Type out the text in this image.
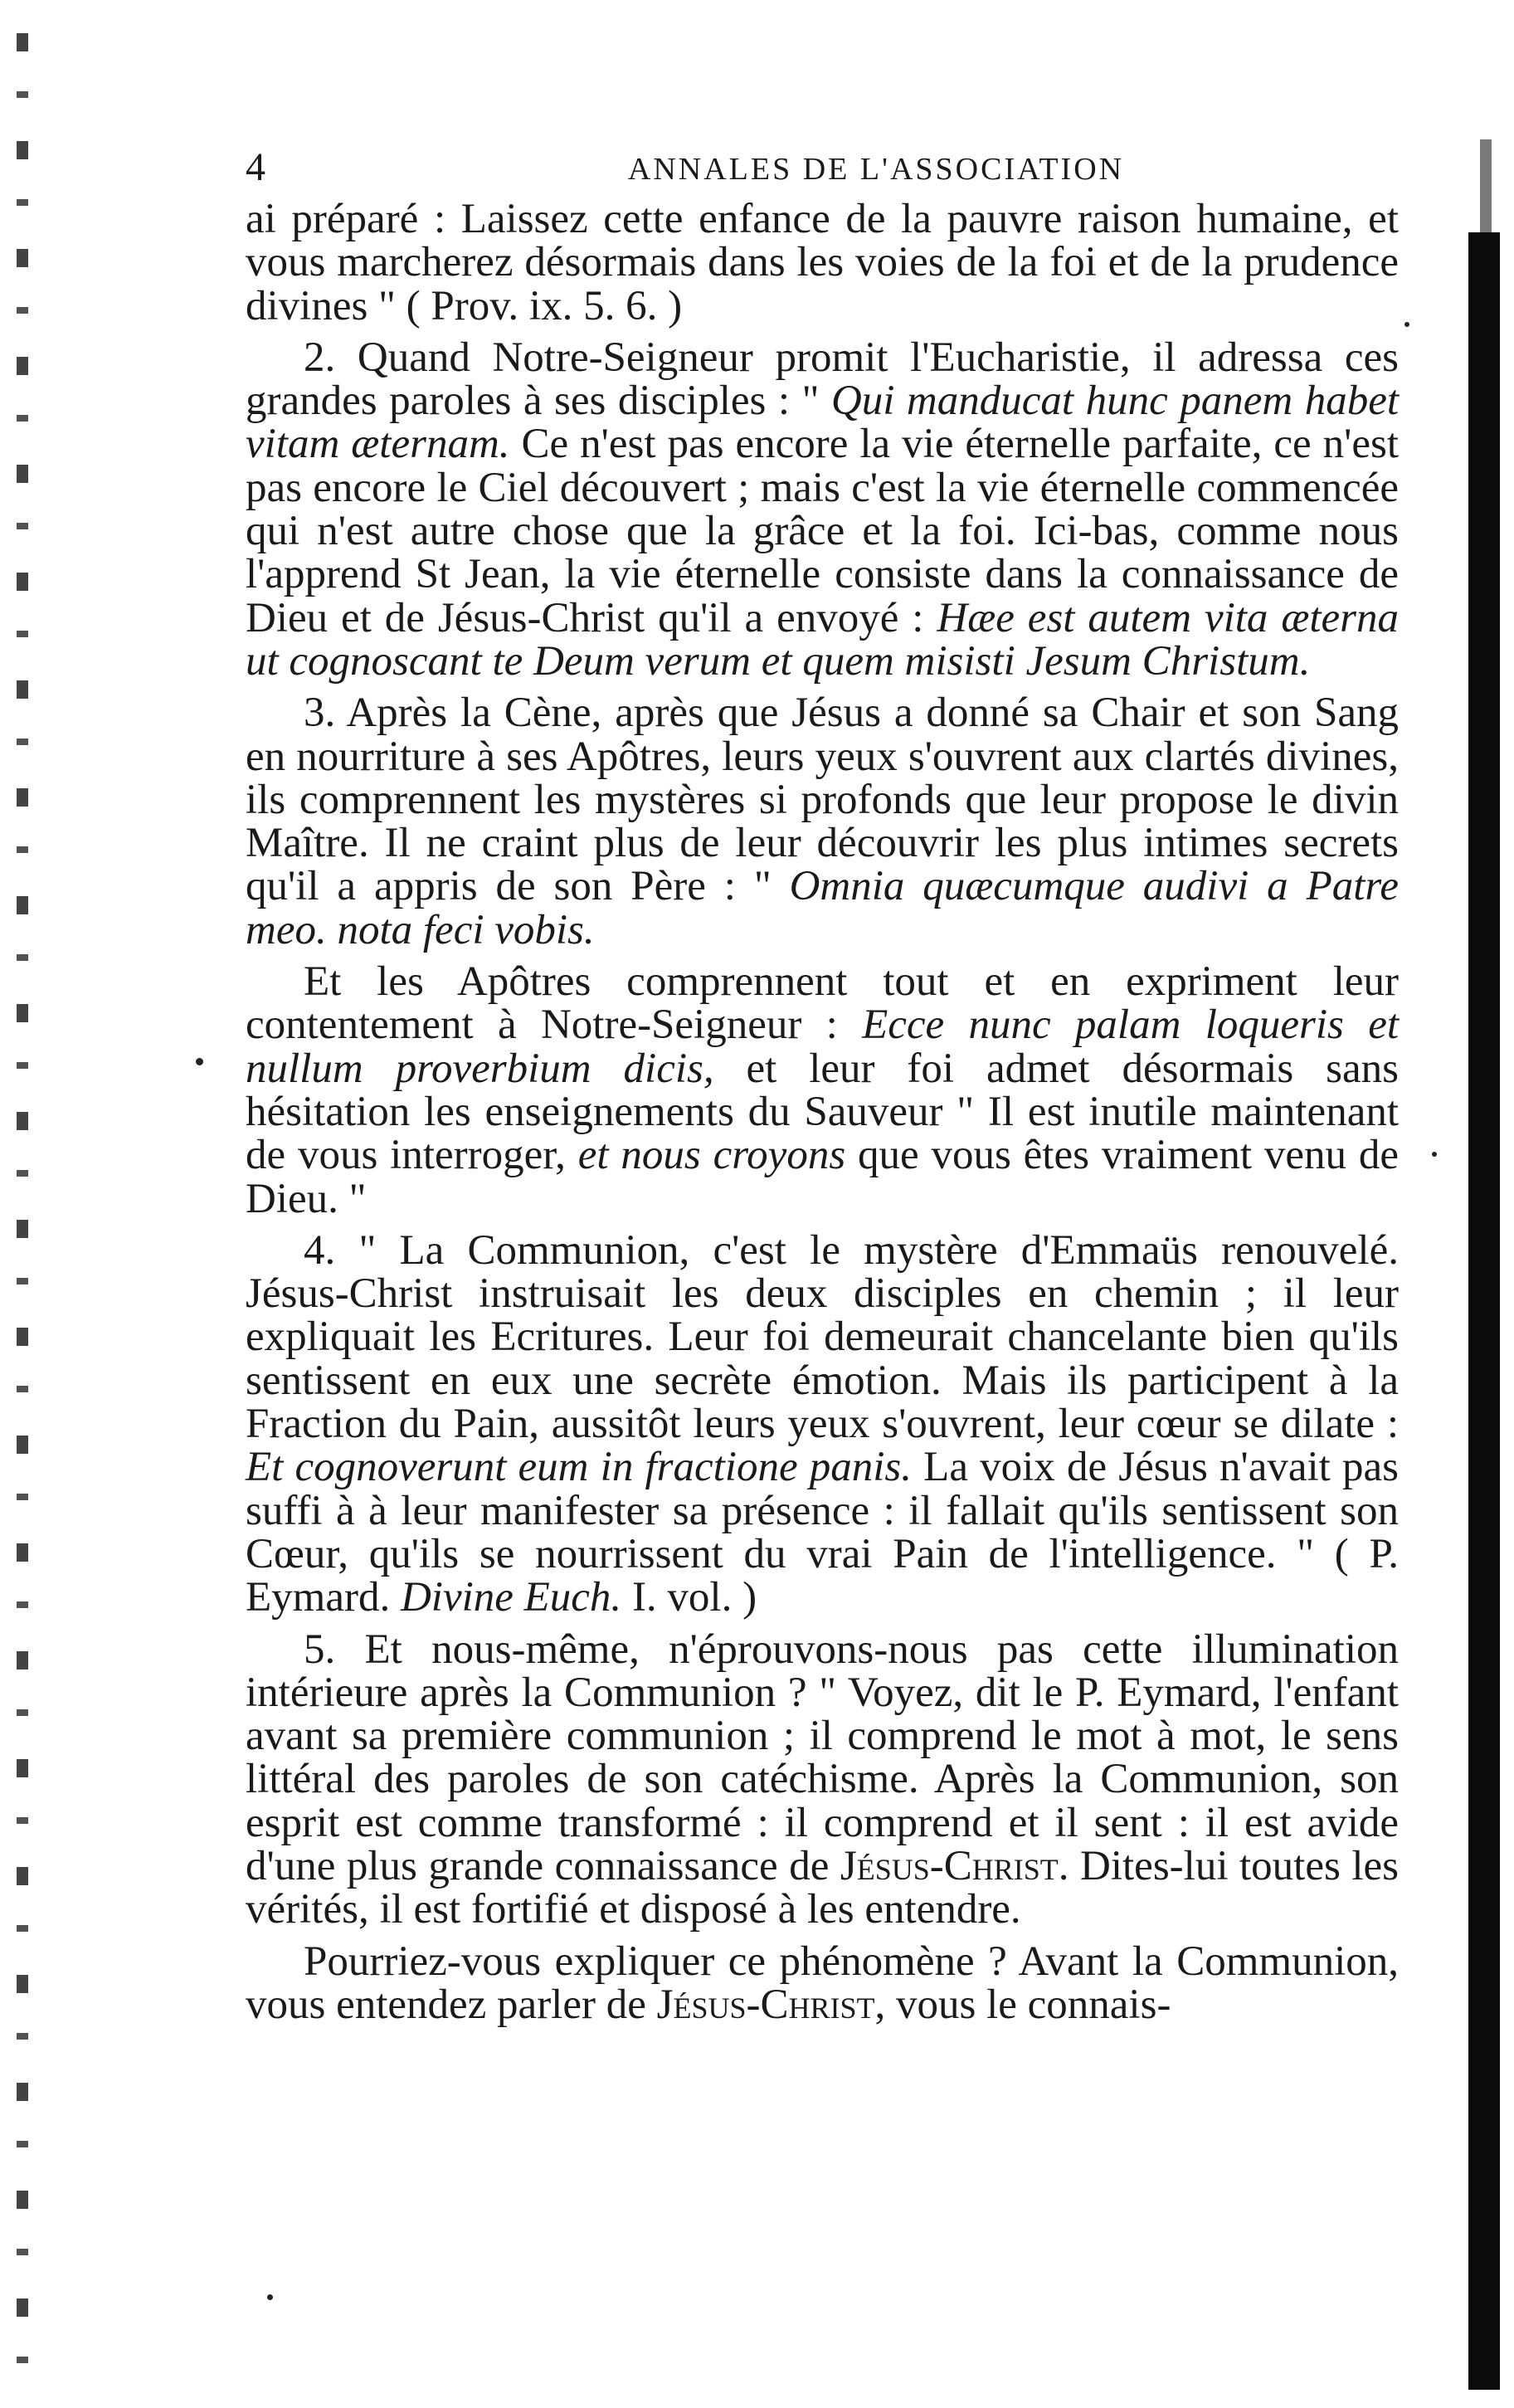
4	ANNALES DE L'ASSOCIATION

ai préparé : Laissez cette enfance de la pauvre raison humaine, et vous marcherez désormais dans les voies de la foi et de la prudence divines " ( Prov. ix. 5. 6. )

2. Quand Notre-Seigneur promit l'Eucharistie, il adressa ces grandes paroles à ses disciples : " Qui manducat hunc panem habet vitam æternam. Ce n'est pas encore la vie éternelle parfaite, ce n'est pas encore le Ciel découvert ; mais c'est la vie éternelle commencée qui n'est autre chose que la grâce et la foi. Ici-bas, comme nous l'apprend St Jean, la vie éternelle consiste dans la connaissance de Dieu et de Jésus-Christ qu'il a envoyé : Hæe est autem vita æterna ut cognoscant te Deum verum et quem misisti Jesum Christum.

3. Après la Cène, après que Jésus a donné sa Chair et son Sang en nourriture à ses Apôtres, leurs yeux s'ouvrent aux clartés divines, ils comprennent les mystères si profonds que leur propose le divin Maître. Il ne craint plus de leur découvrir les plus intimes secrets qu'il a appris de son Père : " Omnia quæcumque audivi a Patre meo. nota feci vobis.

Et les Apôtres comprennent tout et en expriment leur contentement à Notre-Seigneur : Ecce nunc palam loqueris et nullum proverbium dicis, et leur foi admet désormais sans hésitation les enseignements du Sauveur " Il est inutile maintenant de vous interroger, et nous croyons que vous êtes vraiment venu de Dieu. "

4. " La Communion, c'est le mystère d'Emmaüs renouvelé. Jésus-Christ instruisait les deux disciples en chemin ; il leur expliquait les Ecritures. Leur foi demeurait chancelante bien qu'ils sentissent en eux une secrète émotion. Mais ils participent à la Fraction du Pain, aussitôt leurs yeux s'ouvrent, leur cœur se dilate : Et cognoverunt eum in fractione panis. La voix de Jésus n'avait pas suffi à à leur manifester sa présence : il fallait qu'ils sentissent son Cœur, qu'ils se nourrissent du vrai Pain de l'intelligence. " ( P. Eymard. Divine Euch. I. vol. )

5. Et nous-même, n'éprouvons-nous pas cette illumination intérieure après la Communion ? " Voyez, dit le P. Eymard, l'enfant avant sa première communion ; il comprend le mot à mot, le sens littéral des paroles de son catéchisme. Après la Communion, son esprit est comme transformé : il comprend et il sent : il est avide d'une plus grande connaissance de Jésus-Christ. Dites-lui toutes les vérités, il est fortifié et disposé à les entendre.

Pourriez-vous expliquer ce phénomène ? Avant la Communion, vous entendez parler de Jésus-Christ, vous le connais-
